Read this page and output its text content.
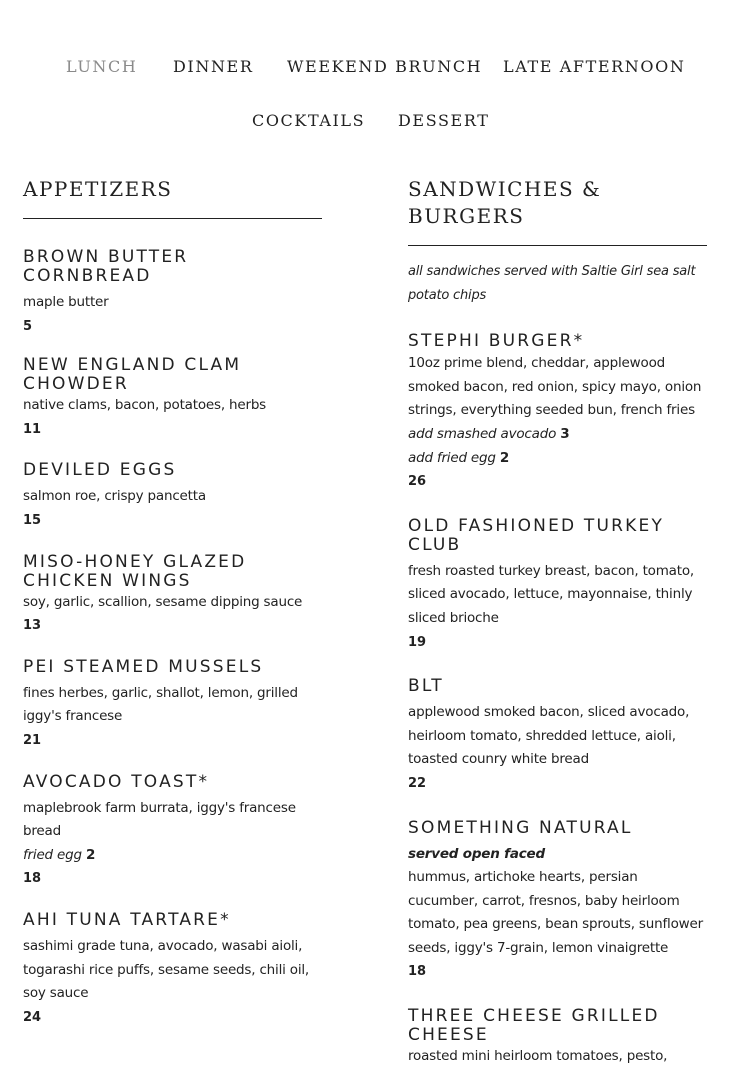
LUNCH DINNER WEEKEND BRUNCH LATE AFTERNOON
COCKTAILS DESSERT
APPETIZERS
BROWN BUTTER CORNBREAD
maple butter
5
NEW ENGLAND CLAM CHOWDER
native clams, bacon, potatoes, herbs
11
DEVILED EGGS
salmon roe, crispy pancetta
15
MISO-HONEY GLAZED CHICKEN WINGS
soy, garlic, scallion, sesame dipping sauce
13
PEI STEAMED MUSSELS
fines herbes, garlic, shallot, lemon, grilled iggy's francese
21
AVOCADO TOAST*
maplebrook farm burrata, iggy's francese bread
fried egg 2
18
AHI TUNA TARTARE*
sashimi grade tuna, avocado, wasabi aioli, togarashi rice puffs, sesame seeds, chili oil, soy sauce
24
SANDWICHES & BURGERS
all sandwiches served with Saltie Girl sea salt potato chips
STEPHI BURGER*
10oz prime blend, cheddar, applewood smoked bacon, red onion, spicy mayo, onion strings, everything seeded bun, french fries
add smashed avocado 3
add fried egg 2
26
OLD FASHIONED TURKEY CLUB
fresh roasted turkey breast, bacon, tomato, sliced avocado, lettuce, mayonnaise, thinly sliced brioche
19
BLT
applewood smoked bacon, sliced avocado, heirloom tomato, shredded lettuce, aioli, toasted counry white bread
22
SOMETHING NATURAL
served open faced
hummus, artichoke hearts, persian cucumber, carrot, fresnos, baby heirloom tomato, pea greens, bean sprouts, sunflower seeds, iggy's 7-grain, lemon vinaigrette
18
THREE CHEESE GRILLED CHEESE
roasted mini heirloom tomatoes, pesto,
